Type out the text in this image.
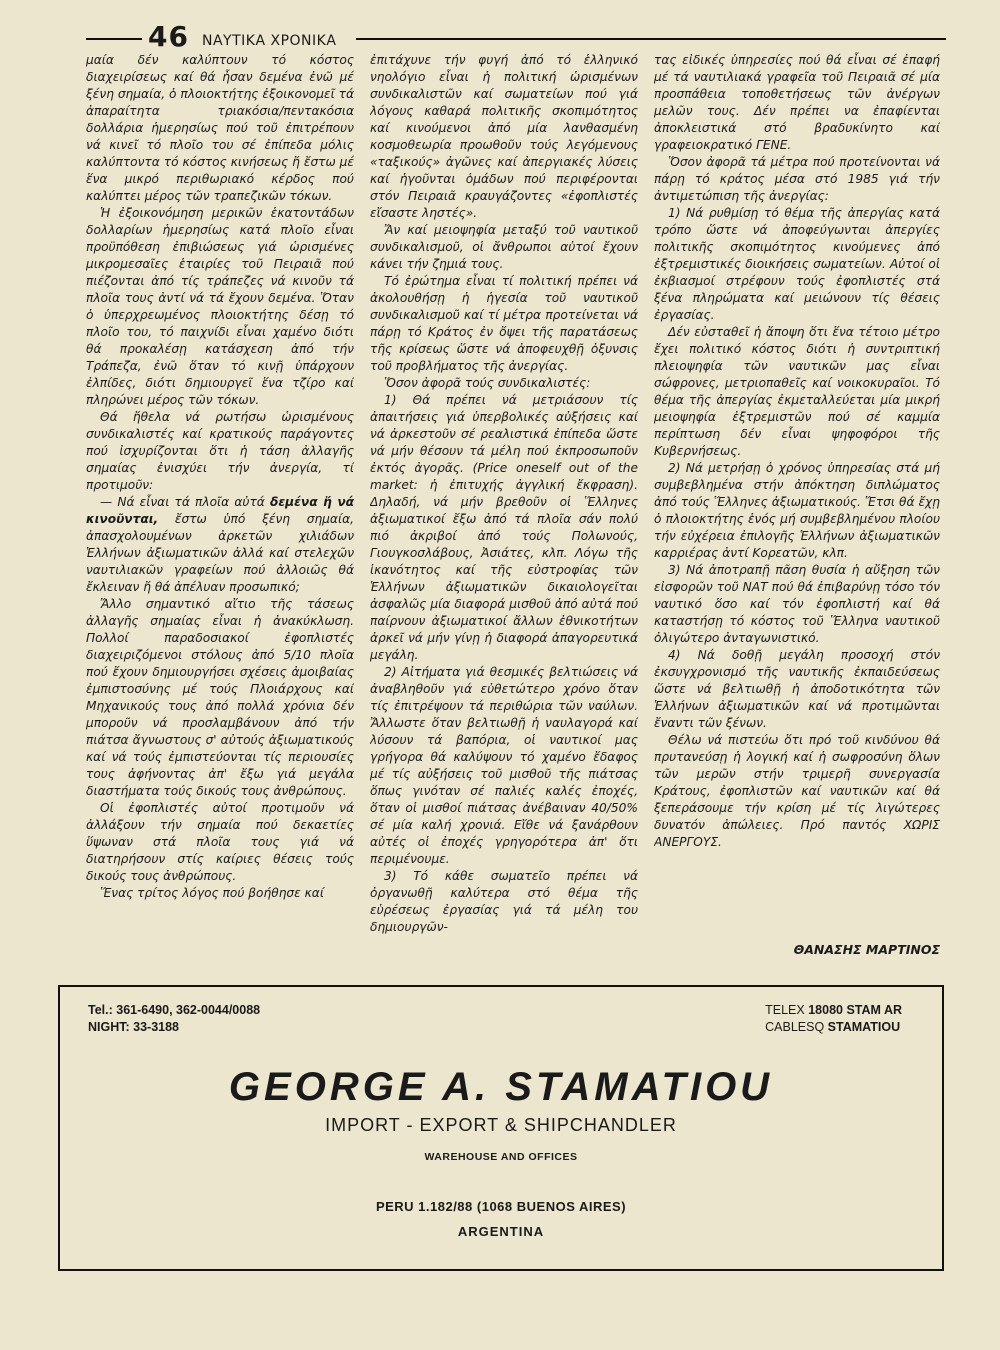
46 ΝΑΥΤΙΚΑ ΧΡΟΝΙΚΑ

μαία δέν καλύπτουν τό κόστος διαχειρίσεως καί θά ἦσαν δεμένα ἐνῶ μέ ξένη σημαία, ὁ πλοιοκτήτης ἐξοικονομεῖ τά ἀπαραίτητα τριακόσια/πεντακόσια δολλάρια ἡμερησίως πού τοῦ ἐπιτρέπουν νά κινεῖ τό πλοῖο του σέ ἐπίπεδα μόλις καλύπτοντα τό κόστος κινήσεως ἤ ἔστω μέ ἕνα μικρό περιθωριακό κέρδος πού καλύπτει μέρος τῶν τραπεζικῶν τόκων.

Ἡ ἐξοικονόμηση μερικῶν ἑκατοντάδων δολλαρίων ἡμερησίως κατά πλοῖο εἶναι προϋπόθεση ἐπιβιώσεως γιά ὡρισμένες μικρομεσαῖες ἑταιρίες τοῦ Πειραιᾶ πού πιέζονται ἀπό τίς τράπεζες νά κινοῦν τά πλοῖα τους ἀντί νά τά ἔχουν δεμένα. Ὅταν ὁ ὑπερχρεωμένος πλοιοκτήτης δέσῃ τό πλοῖο του, τό παιχνίδι εἶναι χαμένο διότι θά προκαλέσῃ κατάσχεση ἀπό τήν Τράπεζα, ἐνῶ ὅταν τό κινῇ ὑπάρχουν ἐλπίδες, διότι δημιουργεῖ ἕνα τζίρο καί πληρώνει μέρος τῶν τόκων.

Θά ἤθελα νά ρωτήσω ὡρισμένους συνδικαλιστές καί κρατικούς παράγοντες πού ἰσχυρίζονται ὅτι ἡ τάση ἀλλαγῆς σημαίας ἐνισχύει τήν ἀνεργία, τί προτιμοῦν:

— Νά εἶναι τά πλοῖα αὐτά δεμένα ἤ νά κινοῦνται, ἔστω ὑπό ξένη σημαία, ἀπασχολουμένων ἀρκετῶν χιλιάδων Ἑλλήνων ἀξιωματικῶν ἀλλά καί στελεχῶν ναυτιλιακῶν γραφείων πού ἀλλοιῶς θά ἔκλειναν ἤ θά ἀπέλυαν προσωπικό;

Ἄλλο σημαντικό αἴτιο τῆς τάσεως ἀλλαγῆς σημαίας εἶναι ἡ ἀνακύκλωση. Πολλοί παραδοσιακοί ἐφοπλιστές διαχειριζόμενοι στόλους ἀπό 5/10 πλοῖα πού ἔχουν δημιουργήσει σχέσεις ἀμοιβαίας ἐμπιστοσύνης μέ τούς Πλοιάρχους καί Μηχανικούς τους ἀπό πολλά χρόνια δέν μποροῦν νά προσλαμβάνουν ἀπό τήν πιάτσα ἄγνωστους σ' αὐτούς ἀξιωματικούς καί νά τούς ἐμπιστεύονται τίς περιουσίες τους ἀφήνοντας ἀπ' ἔξω γιά μεγάλα διαστήματα τούς δικούς τους ἀνθρώπους.

Οἱ ἐφοπλιστές αὐτοί προτιμοῦν νά ἀλλάξουν τήν σημαία πού δεκαετίες ὕψωναν στά πλοῖα τους γιά νά διατηρήσουν στίς καίριες θέσεις τούς δικούς τους ἀνθρώπους.

Ἕνας τρίτος λόγος πού βοήθησε καί

ἐπιτάχυνε τήν φυγή ἀπό τό ἑλληνικό νηολόγιο εἶναι ἡ πολιτική ὡρισμένων συνδικαλιστῶν καί σωματείων πού γιά λόγους καθαρά πολιτικῆς σκοπιμότητος καί κινούμενοι ἀπό μία λανθασμένη κοσμοθεωρία προωθοῦν τούς λεγόμενους «ταξικούς» ἀγῶνες καί ἀπεργιακές λύσεις καί ἡγοῦνται ὁμάδων πού περιφέρονται στόν Πειραιᾶ κραυγάζοντες «ἐφοπλιστές εἴσαστε ληστές».

Ἄν καί μειοψηφία μεταξύ τοῦ ναυτικοῦ συνδικαλισμοῦ, οἱ ἄνθρωποι αὐτοί ἔχουν κάνει τήν ζημιά τους.

Τό ἐρώτημα εἶναι τί πολιτική πρέπει νά ἀκολουθήσῃ ἡ ἡγεσία τοῦ ναυτικοῦ συνδικαλισμοῦ καί τί μέτρα προτείνεται νά πάρῃ τό Κράτος ἐν ὄψει τῆς παρατάσεως τῆς κρίσεως ὥστε νά ἀποφευχθῇ ὀξυνσις τοῦ προβλήματος τῆς ἀνεργίας.

Ὅσον ἀφορᾶ τούς συνδικαλιστές:

1) Θά πρέπει νά μετριάσουν τίς ἀπαιτήσεις γιά ὑπερβολικές αὐξήσεις καί νά ἀρκεστοῦν σέ ρεαλιστικά ἐπίπεδα ὥστε νά μήν θέσουν τά μέλη πού ἐκπροσωποῦν ἐκτός ἀγορᾶς. (Price oneself out of the market: ἡ ἐπιτυχής ἀγγλική ἔκφραση). Δηλαδή, νά μήν βρεθοῦν οἱ Ἕλληνες ἀξιωματικοί ἔξω ἀπό τά πλοῖα σάν πολύ πιό ἀκριβοί ἀπό τούς Πολωνούς, Γιουγκοσλάβους, Ἀσιάτες, κλπ. Λόγω τῆς ἱκανότητος καί τῆς εὐστροφίας τῶν Ἑλλήνων ἀξιωματικῶν δικαιολογεῖται ἀσφαλῶς μία διαφορά μισθοῦ ἀπό αὐτά πού παίρνουν ἀξιωματικοί ἄλλων ἐθνικοτήτων ἀρκεῖ νά μήν γίνῃ ἡ διαφορά ἀπαγορευτικά μεγάλη.

2) Αἰτήματα γιά θεσμικές βελτιώσεις νά ἀναβληθοῦν γιά εὐθετώτερο χρόνο ὅταν τίς ἐπιτρέψουν τά περιθώρια τῶν ναύλων. Ἄλλωστε ὅταν βελτιωθῇ ἡ ναυλαγορά καί λύσουν τά βαπόρια, οἱ ναυτικοί μας γρήγορα θά καλύψουν τό χαμένο ἔδαφος μέ τίς αὐξήσεις τοῦ μισθοῦ τῆς πιάτσας ὅπως γινόταν σέ παλιές καλές ἐποχές, ὅταν οἱ μισθοί πιάτσας ἀνέβαιναν 40/50% σέ μία καλή χρονιά. Εἴθε νά ξανάρθουν αὐτές οἱ ἐποχές γρηγορότερα ἀπ' ὅτι περιμένουμε.

3) Τό κάθε σωματεῖο πρέπει νά ὀργανωθῇ καλύτερα στό θέμα τῆς εὑρέσεως ἐργασίας γιά τά μέλη του δημιουργῶν-

τας εἰδικές ὑπηρεσίες πού θά εἶναι σέ ἐπαφή μέ τά ναυτιλιακά γραφεῖα τοῦ Πειραιᾶ σέ μία προσπάθεια τοποθετήσεως τῶν ἀνέργων μελῶν τους. Δέν πρέπει να ἐπαφίενται ἀποκλειστικά στό βραδυκίνητο καί γραφειοκρατικό ΓΕΝΕ.

Ὅσον ἀφορᾶ τά μέτρα πού προτείνονται νά πάρῃ τό κράτος μέσα στό 1985 γιά τήν ἀντιμετώπιση τῆς ἀνεργίας:

1) Νά ρυθμίσῃ τό θέμα τῆς ἀπεργίας κατά τρόπο ὥστε νά ἀποφεύγωνται ἀπεργίες πολιτικῆς σκοπιμότητος κινούμενες ἀπό ἐξτρεμιστικές διοικήσεις σωματείων. Αὐτοί οἱ ἐκβιασμοί στρέφουν τούς ἐφοπλιστές στά ξένα πληρώματα καί μειώνουν τίς θέσεις ἐργασίας.

Δέν εὐσταθεῖ ἡ ἄποψη ὅτι ἕνα τέτοιο μέτρο ἔχει πολιτικό κόστος διότι ἡ συντριπτική πλειοψηφία τῶν ναυτικῶν μας εἶναι σώφρονες, μετριοπαθεῖς καί νοικοκυραῖοι. Τό θέμα τῆς ἀπεργίας ἐκμεταλλεύεται μία μικρή μειοψηφία ἐξτρεμιστῶν πού σέ καμμία περίπτωση δέν εἶναι ψηφοφόροι τῆς Κυβερνήσεως.

2) Νά μετρήσῃ ὁ χρόνος ὑπηρεσίας στά μή συμβεβλημένα στήν ἀπόκτηση διπλώματος ἀπό τούς Ἕλληνες ἀξιωματικούς. Ἔτσι θά ἔχῃ ὁ πλοιοκτήτης ἑνός μή συμβεβλημένου πλοίου τήν εὐχέρεια ἐπιλογῆς Ἑλλήνων ἀξιωματικῶν καρριέρας ἀντί Κορεατῶν, κλπ.

3) Νά ἀποτραπῇ πᾶση θυσία ἡ αὔξηση τῶν εἰσφορῶν τοῦ ΝΑΤ πού θά ἐπιβαρύνῃ τόσο τόν ναυτικό ὅσο καί τόν ἐφοπλιστή καί θά καταστήσῃ τό κόστος τοῦ Ἕλληνα ναυτικοῦ ὀλιγώτερο ἀνταγωνιστικό.

4) Νά δοθῇ μεγάλη προσοχή στόν ἐκσυγχρονισμό τῆς ναυτικῆς ἐκπαιδεύσεως ὥστε νά βελτιωθῇ ἡ ἀποδοτικότητα τῶν Ἑλλήνων ἀξιωματικῶν καί νά προτιμῶνται ἔναντι τῶν ξένων.

Θέλω νά πιστεύω ὅτι πρό τοῦ κινδύνου θά πρυτανεύσῃ ἡ λογική καί ἡ σωφροσύνη ὅλων τῶν μερῶν στήν τριμερῆ συνεργασία Κράτους, ἐφοπλιστῶν καί ναυτικῶν καί θά ξεπεράσουμε τήν κρίση μέ τίς λιγώτερες δυνατόν ἀπώλειες. Πρό παντός ΧΩΡΙΣ ΑΝΕΡΓΟΥΣ.

ΘΑΝΑΣΗΣ ΜΑΡΤΙΝΟΣ
Tel.: 361-6490, 362-0044/0088
NIGHT: 33-3188
TELEX 18080 STAM AR
CABLESQ STAMATIOU
GEORGE A. STAMATIOU
IMPORT - EXPORT & SHIPCHANDLER
WAREHOUSE AND OFFICES
PERU 1.182/88 (1068 BUENOS AIRES)
ARGENTINA
